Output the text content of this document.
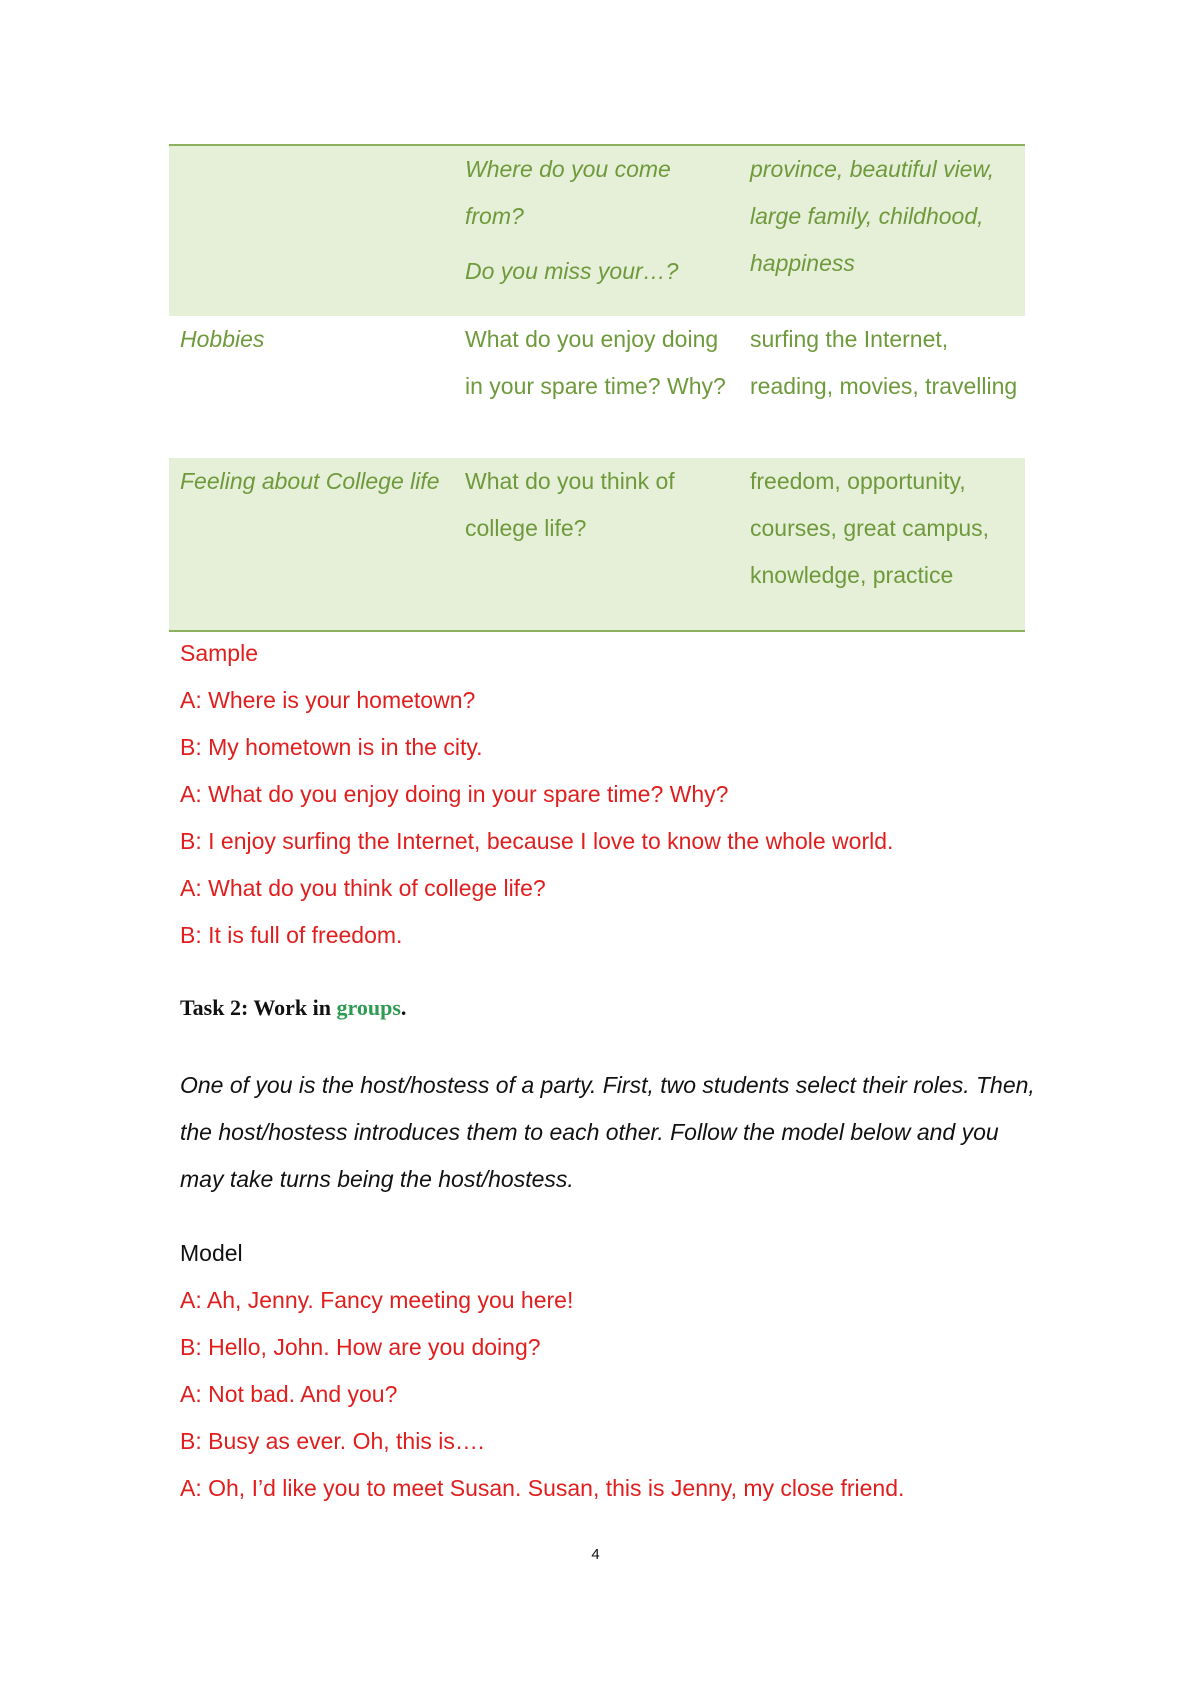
Where do you come from?
Do you miss your…?
province, beautiful view, large family, childhood, happiness
Hobbies	What do you enjoy doing in your spare time? Why?
surfing the Internet, reading, movies, travelling
Feeling about College life	What do you think of college life?
freedom, opportunity, courses, great campus, knowledge, practice
Sample
A: Where is your hometown?
B: My hometown is in the city.
A: What do you enjoy doing in your spare time? Why?
B: I enjoy surfing the Internet, because I love to know the whole world.
A: What do you think of college life?
B: It is full of freedom.
Task 2: Work in groups.
One of you is the host/hostess of a party. First, two students select their roles. Then, the host/hostess introduces them to each other. Follow the model below and you may take turns being the host/hostess.
Model
A: Ah, Jenny. Fancy meeting you here!
B: Hello, John. How are you doing?
A: Not bad. And you?
B: Busy as ever. Oh, this is….
A: Oh, I’d like you to meet Susan. Susan, this is Jenny, my close friend.
4
